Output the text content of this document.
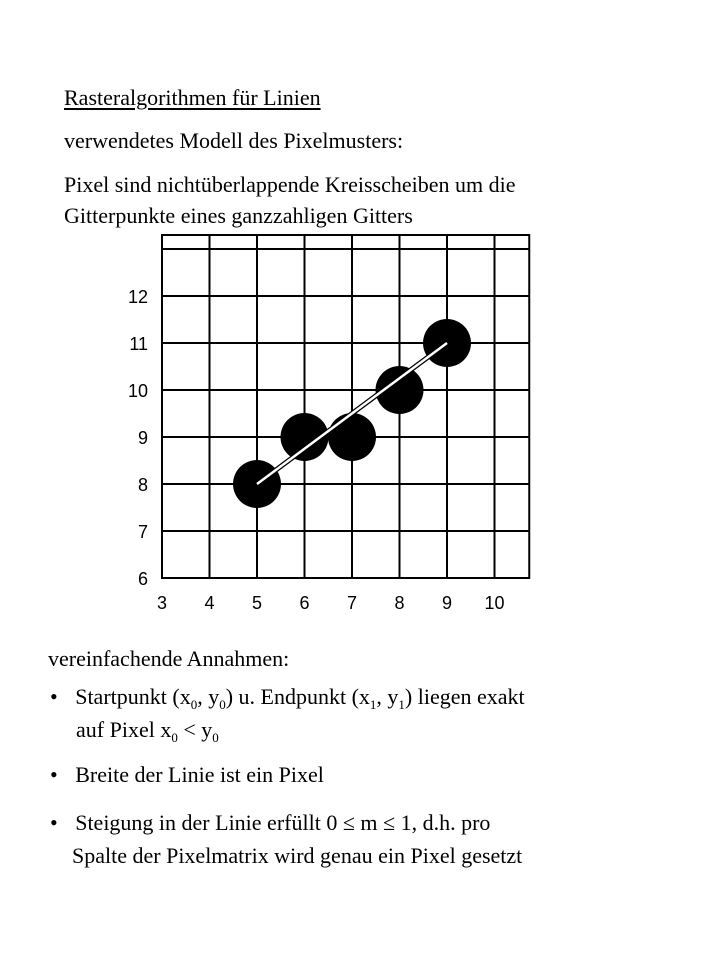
Rasteralgorithmen für Linien
verwendetes Modell des Pixelmusters:
Pixel sind nichtüberlappende Kreisscheiben um die
Gitterpunkte eines ganzzahligen Gitters
3 4 5 6 7 8 9 10
12
11
10
9
8
7
6
vereinfachende Annahmen:
• Startpunkt ($x_0$, $y_0$) u. Endpunkt ($x_1$, $y_1$) liegen exakt
auf Pixel $x_0 < y_0$
• Breite der Linie ist ein Pixel
• Steigung in der Linie erfüllt 0 ≤ m ≤ 1, d.h. pro
Spalte der Pixelmatrix wird genau ein Pixel gesetzt
